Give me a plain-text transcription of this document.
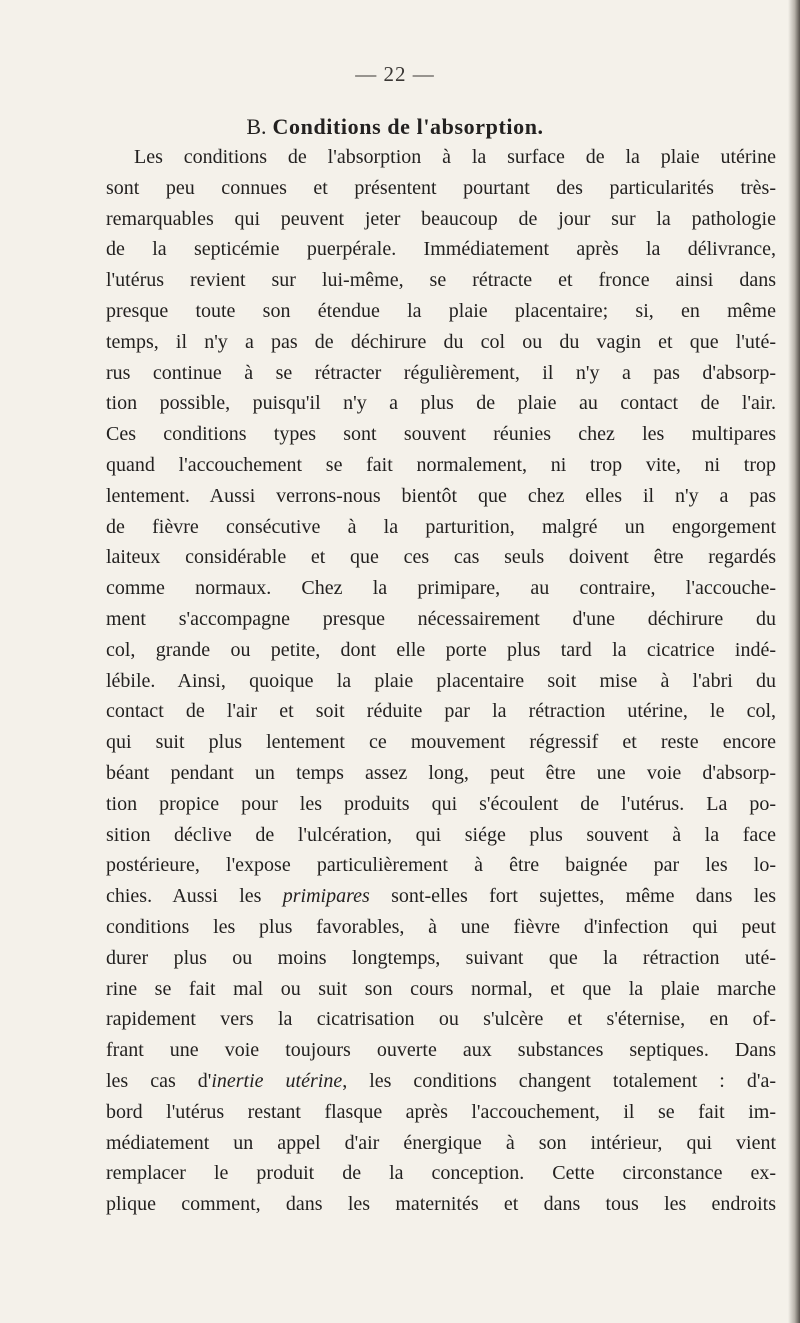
— 22 —
B. Conditions de l'absorption.
Les conditions de l'absorption à la surface de la plaie utérine
sont peu connues et présentent pourtant des particularités très-
remarquables qui peuvent jeter beaucoup de jour sur la pathologie
de la septicémie puerpérale. Immédiatement après la délivrance,
l'utérus revient sur lui-même, se rétracte et fronce ainsi dans
presque toute son étendue la plaie placentaire; si, en même
temps, il n'y a pas de déchirure du col ou du vagin et que l'uté-
rus continue à se rétracter régulièrement, il n'y a pas d'absorp-
tion possible, puisqu'il n'y a plus de plaie au contact de l'air.
Ces conditions types sont souvent réunies chez les multipares
quand l'accouchement se fait normalement, ni trop vite, ni trop
lentement. Aussi verrons-nous bientôt que chez elles il n'y a pas
de fièvre consécutive à la parturition, malgré un engorgement
laiteux considérable et que ces cas seuls doivent être regardés
comme normaux. Chez la primipare, au contraire, l'accouche-
ment s'accompagne presque nécessairement d'une déchirure du
col, grande ou petite, dont elle porte plus tard la cicatrice indé-
lébile. Ainsi, quoique la plaie placentaire soit mise à l'abri du
contact de l'air et soit réduite par la rétraction utérine, le col,
qui suit plus lentement ce mouvement régressif et reste encore
béant pendant un temps assez long, peut être une voie d'absorp-
tion propice pour les produits qui s'écoulent de l'utérus. La po-
sition déclive de l'ulcération, qui siége plus souvent à la face
postérieure, l'expose particulièrement à être baignée par les lo-
chies. Aussi les primipares sont-elles fort sujettes, même dans les
conditions les plus favorables, à une fièvre d'infection qui peut
durer plus ou moins longtemps, suivant que la rétraction uté-
rine se fait mal ou suit son cours normal, et que la plaie marche
rapidement vers la cicatrisation ou s'ulcère et s'éternise, en of-
frant une voie toujours ouverte aux substances septiques. Dans
les cas d'inertie utérine, les conditions changent totalement : d'a-
bord l'utérus restant flasque après l'accouchement, il se fait im-
médiatement un appel d'air énergique à son intérieur, qui vient
remplacer le produit de la conception. Cette circonstance ex-
plique comment, dans les maternités et dans tous les endroits
